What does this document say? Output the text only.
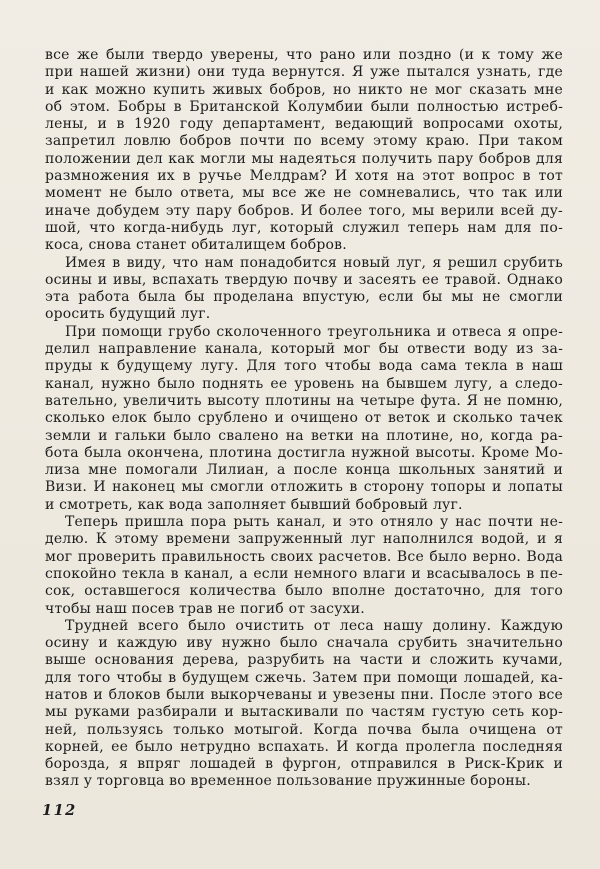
все же были твердо уверены, что рано или поздно (и к тому же
при нашей жизни) они туда вернутся. Я уже пытался узнать, где
и как можно купить живых бобров, но никто не мог сказать мне
об этом. Бобры в Британской Колумбии были полностью истреб-
лены, и в 1920 году департамент, ведающий вопросами охоты,
запретил ловлю бобров почти по всему этому краю. При таком
положении дел как могли мы надеяться получить пару бобров для
размножения их в ручье Мелдрам? И хотя на этот вопрос в тот
момент не было ответа, мы все же не сомневались, что так или
иначе добудем эту пару бобров. И более того, мы верили всей ду-
шой, что когда-нибудь луг, который служил теперь нам для по-
коса, снова станет обиталищем бобров.
Имея в виду, что нам понадобится новый луг, я решил срубить
осины и ивы, вспахать твердую почву и засеять ее травой. Однако
эта работа была бы проделана впустую, если бы мы не смогли
оросить будущий луг.
При помощи грубо сколоченного треугольника и отвеса я опре-
делил направление канала, который мог бы отвести воду из за-
пруды к будущему лугу. Для того чтобы вода сама текла в наш
канал, нужно было поднять ее уровень на бывшем лугу, а следо-
вательно, увеличить высоту плотины на четыре фута. Я не помню,
сколько елок было срублено и очищено от веток и сколько тачек
земли и гальки было свалено на ветки на плотине, но, когда ра-
бота была окончена, плотина достигла нужной высоты. Кроме Мо-
лиза мне помогали Лилиан, а после конца школьных занятий и
Визи. И наконец мы смогли отложить в сторону топоры и лопаты
и смотреть, как вода заполняет бывший бобровый луг.
Теперь пришла пора рыть канал, и это отняло у нас почти не-
делю. К этому времени запруженный луг наполнился водой, и я
мог проверить правильность своих расчетов. Все было верно. Вода
спокойно текла в канал, а если немного влаги и всасывалось в пе-
сок, оставшегося количества было вполне достаточно, для того
чтобы наш посев трав не погиб от засухи.
Трудней всего было очистить от леса нашу долину. Каждую
осину и каждую иву нужно было сначала срубить значительно
выше основания дерева, разрубить на части и сложить кучами,
для того чтобы в будущем сжечь. Затем при помощи лошадей, ка-
натов и блоков были выкорчеваны и увезены пни. После этого все
мы руками разбирали и вытаскивали по частям густую сеть кор-
ней, пользуясь только мотыгой. Когда почва была очищена от
корней, ее было нетрудно вспахать. И когда пролегла последняя
борозда, я впряг лошадей в фургон, отправился в Риск-Крик и
взял у торговца во временное пользование пружинные бороны.
112
